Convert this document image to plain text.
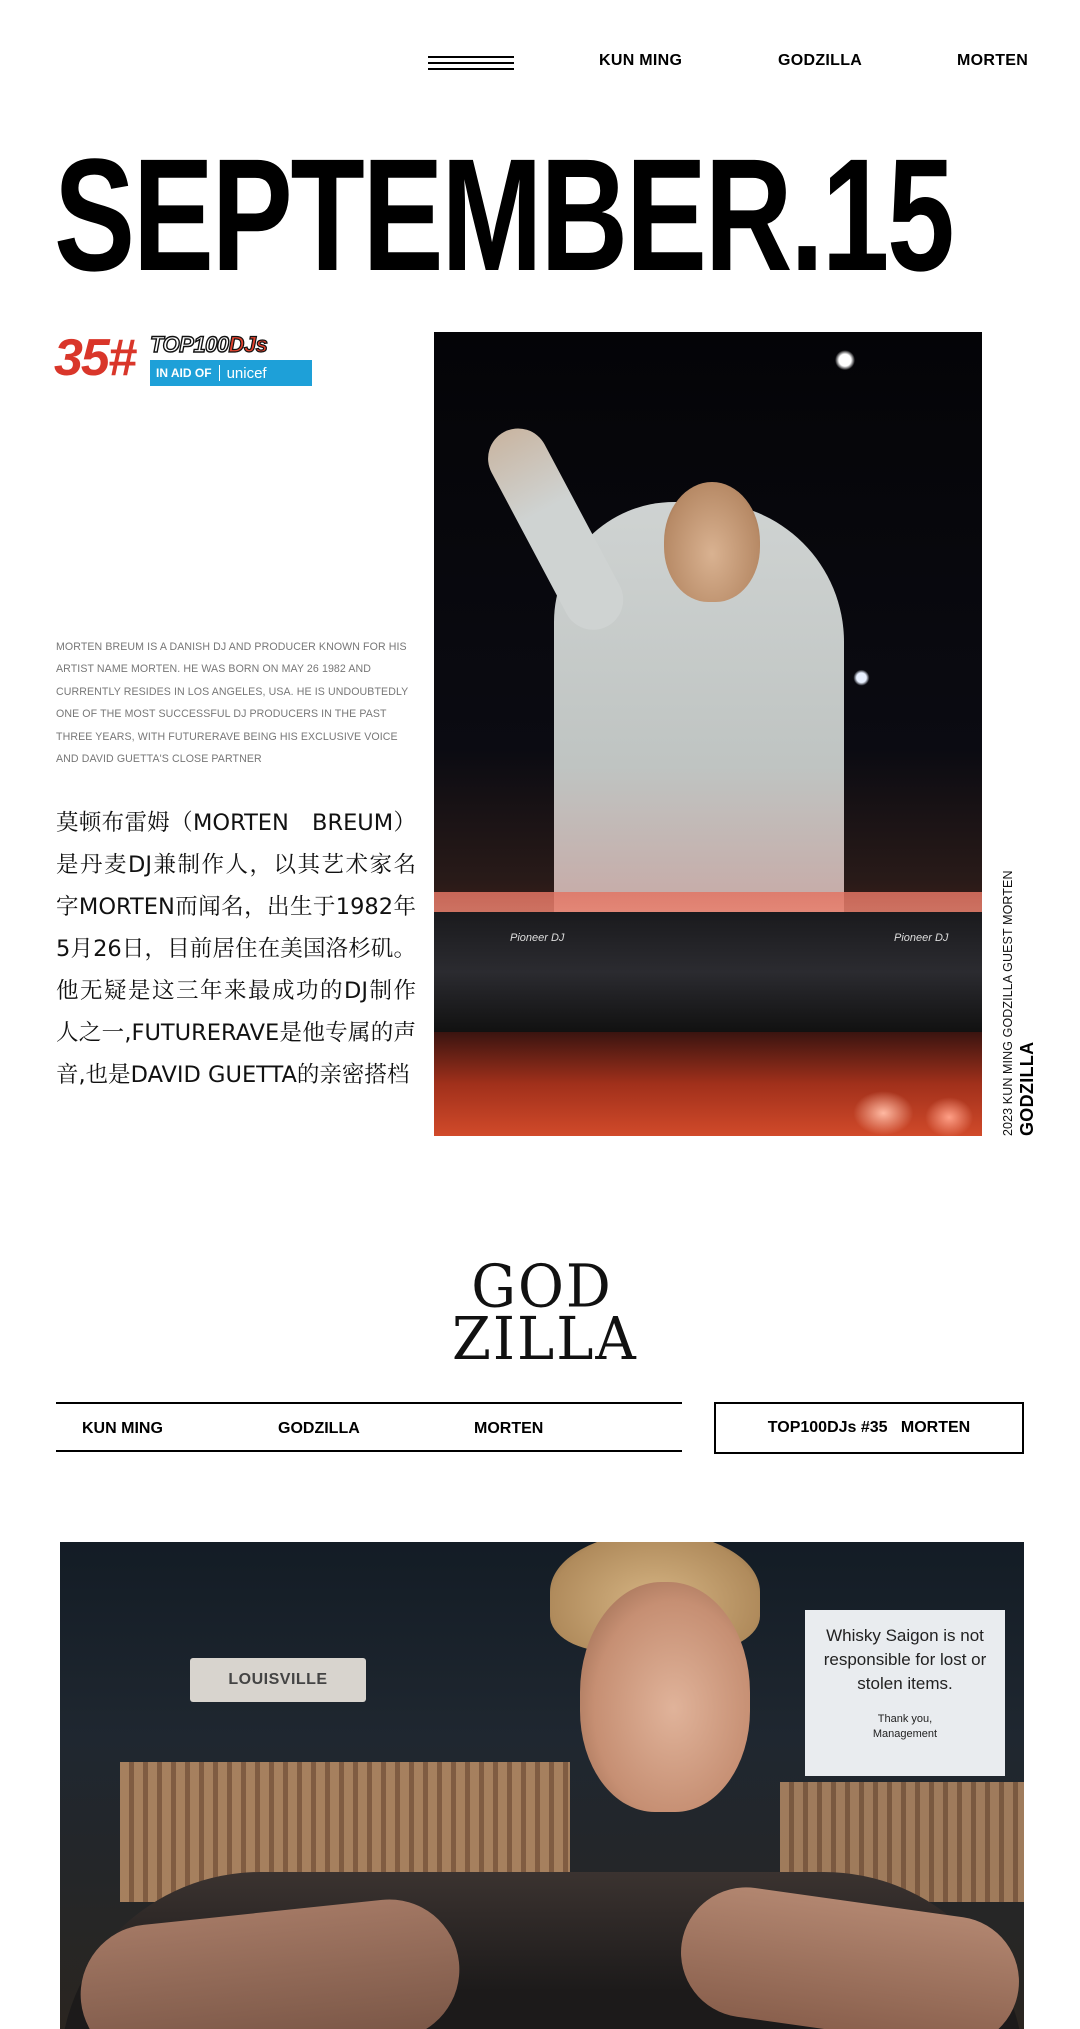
KUN MING	GODZILLA	MORTEN
SEPTEMBER.15
35# TOP100DJs
IN AID OF unicef
MORTEN BREUM IS A DANISH DJ AND PRODUCER KNOWN FOR HIS ARTIST NAME MORTEN. HE WAS BORN ON MAY 26 1982 AND CURRENTLY RESIDES IN LOS ANGELES, USA. HE IS UNDOUBTEDLY ONE OF THE MOST SUCCESSFUL DJ PRODUCERS IN THE PAST THREE YEARS, WITH FUTURERAVE BEING HIS EXCLUSIVE VOICE AND DAVID GUETTA'S CLOSE PARTNER
莫顿布雷姆（MORTEN　BREUM）是丹麦DJ兼制作人，以其艺术家名字MORTEN而闻名，出生于1982年5月26日，目前居住在美国洛杉矶。他无疑是这三年来最成功的DJ制作人之一,FUTURERAVE是他专属的声音,也是DAVID GUETTA的亲密搭档
Pioneer DJ	Pioneer DJ	2023 KUN MING GODZILLA GUEST MORTEN GODZILLA
GOD
ZILLA
KUN MING	GODZILLA	MORTEN	TOP100DJs #35   MORTEN
LOUISVILLE
Whisky Saigon is not responsible for lost or stolen items.
Thank you,
Management
